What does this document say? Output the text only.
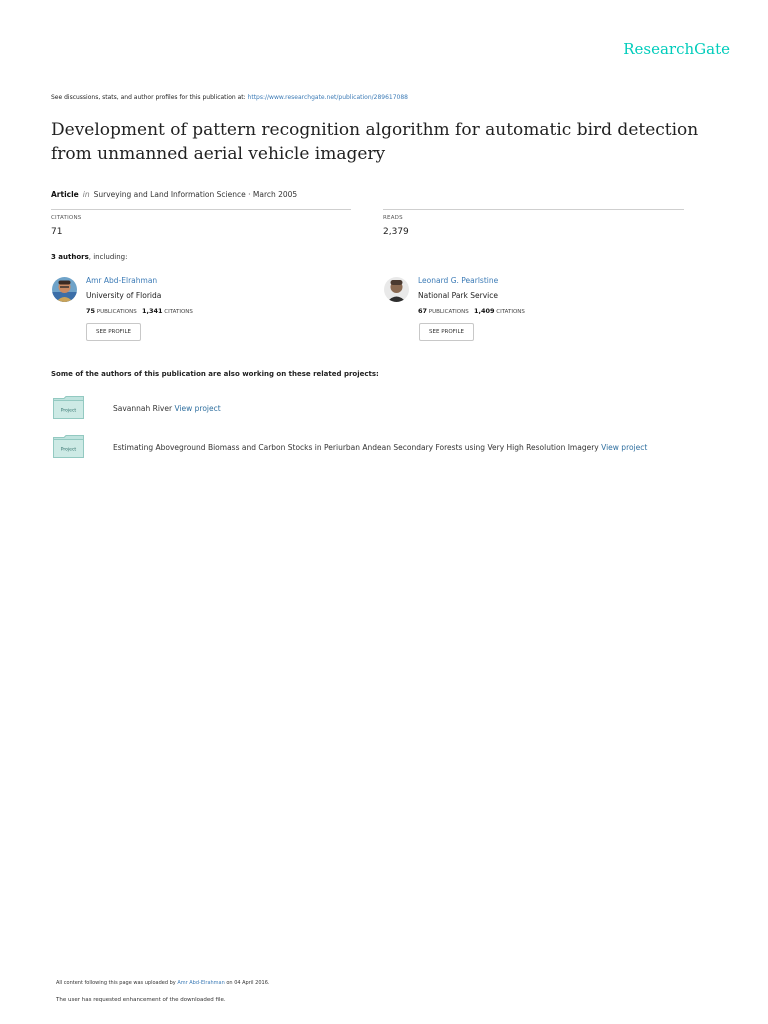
ResearchGate
See discussions, stats, and author profiles for this publication at: https://www.researchgate.net/publication/289617088
Development of pattern recognition algorithm for automatic bird detection from unmanned aerial vehicle imagery
Article in Surveying and Land Information Science · March 2005
CITATIONS
71
READS
2,379
3 authors, including:
Amr Abd-Elrahman
University of Florida
75 PUBLICATIONS 1,341 CITATIONS
SEE PROFILE
Leonard G. Pearlstine
National Park Service
67 PUBLICATIONS 1,409 CITATIONS
SEE PROFILE
Some of the authors of this publication are also working on these related projects:
Project	Savannah River View project
Project	Estimating Aboveground Biomass and Carbon Stocks in Periurban Andean Secondary Forests using Very High Resolution Imagery View project
All content following this page was uploaded by Amr Abd-Elrahman on 04 April 2016.
The user has requested enhancement of the downloaded file.
